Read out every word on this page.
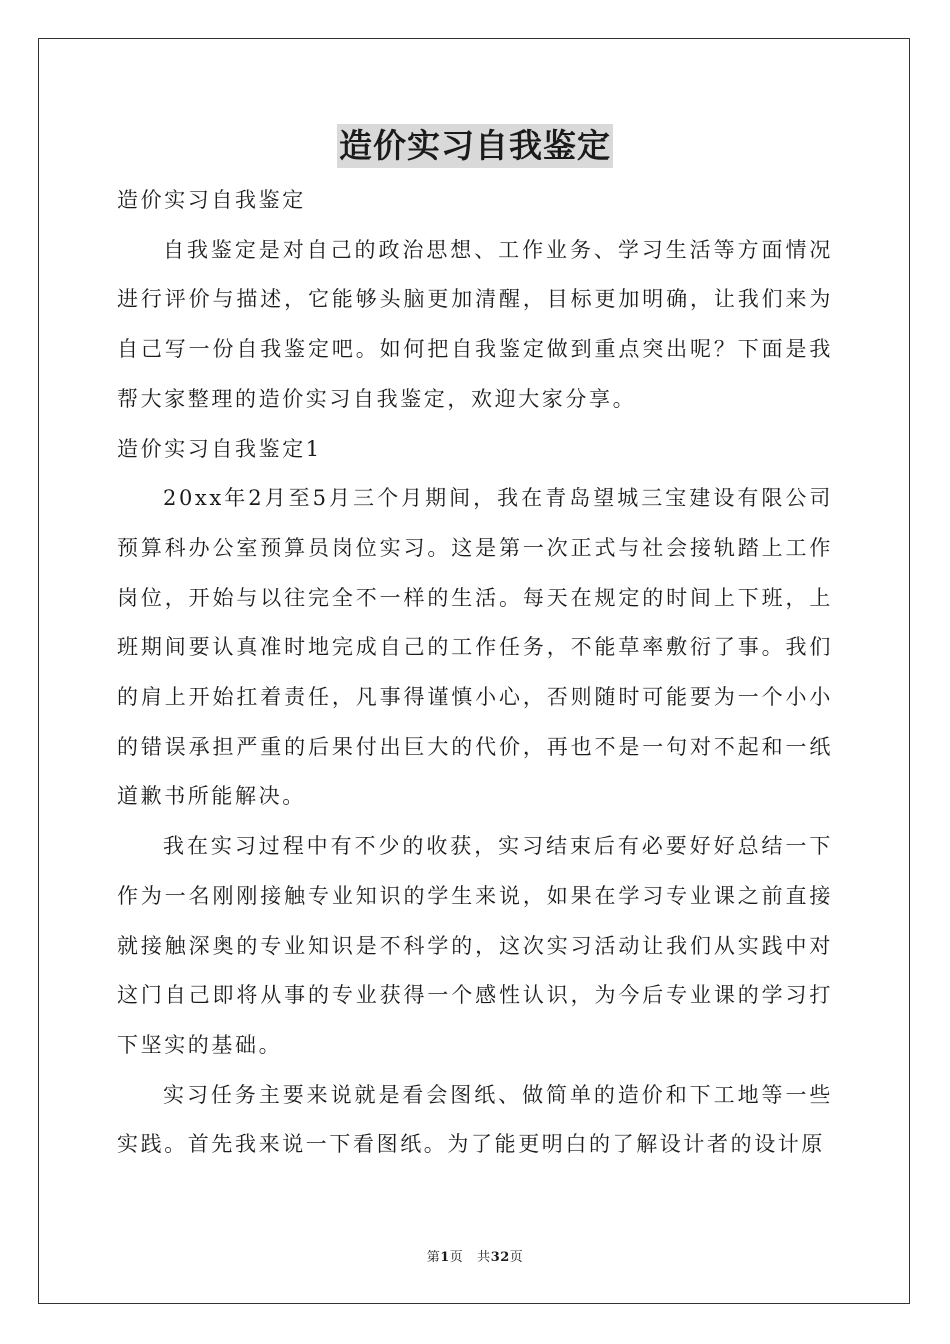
造价实习自我鉴定

造价实习自我鉴定

自我鉴定是对自己的政治思想、工作业务、学习生活等方面情况进行评价与描述，它能够头脑更加清醒，目标更加明确，让我们来为自己写一份自我鉴定吧。如何把自我鉴定做到重点突出呢？下面是我帮大家整理的造价实习自我鉴定，欢迎大家分享。

造价实习自我鉴定1

20xx年2月至5月三个月期间，我在青岛望城三宝建设有限公司预算科办公室预算员岗位实习。这是第一次正式与社会接轨踏上工作岗位，开始与以往完全不一样的生活。每天在规定的时间上下班，上班期间要认真准时地完成自己的工作任务，不能草率敷衍了事。我们的肩上开始扛着责任，凡事得谨慎小心，否则随时可能要为一个小小的错误承担严重的后果付出巨大的代价，再也不是一句对不起和一纸道歉书所能解决。

我在实习过程中有不少的收获，实习结束后有必要好好总结一下作为一名刚刚接触专业知识的学生来说，如果在学习专业课之前直接就接触深奥的专业知识是不科学的，这次实习活动让我们从实践中对这门自己即将从事的专业获得一个感性认识，为今后专业课的学习打下坚实的基础。

实习任务主要来说就是看会图纸、做简单的造价和下工地等一些实践。首先我来说一下看图纸。为了能更明白的了解设计者的设计原

第1页 共32页
